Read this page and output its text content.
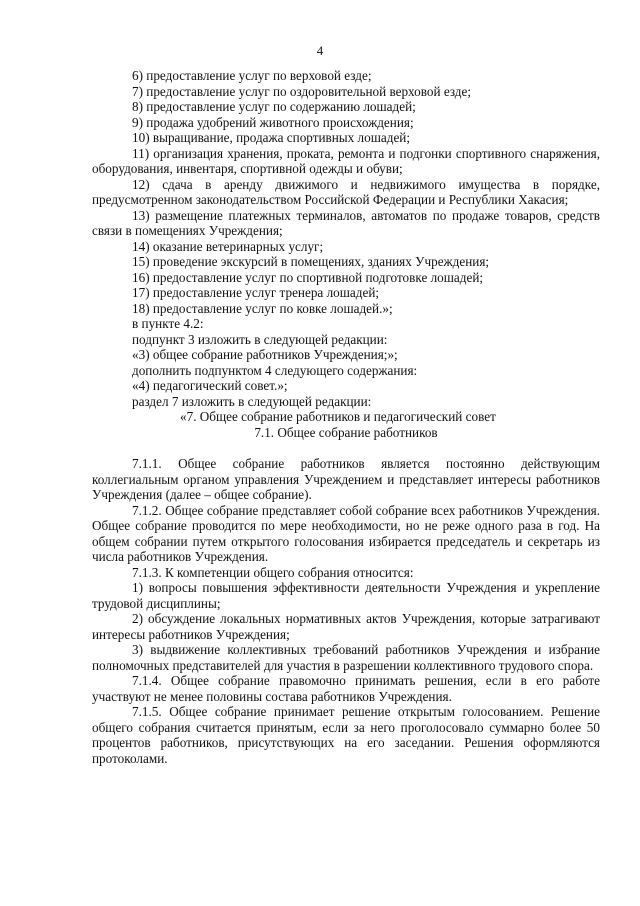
4

6) предоставление услуг по верховой езде;

7) предоставление услуг по оздоровительной верховой езде;

8) предоставление услуг по содержанию лошадей;

9) продажа удобрений животного происхождения;

10) выращивание, продажа спортивных лошадей;

11) организация хранения, проката, ремонта и подгонки спортивного снаряжения, оборудования, инвентаря, спортивной одежды и обуви;

12) сдача в аренду движимого и недвижимого имущества в порядке, предусмотренном законодательством Российской Федерации и Республики Хакасия;

13) размещение платежных терминалов, автоматов по продаже товаров, средств связи в помещениях Учреждения;

14) оказание ветеринарных услуг;

15) проведение экскурсий в помещениях, зданиях Учреждения;

16) предоставление услуг по спортивной подготовке лошадей;

17) предоставление услуг тренера лошадей;

18) предоставление услуг по ковке лошадей.»;

в пункте 4.2:

подпункт 3 изложить в следующей редакции:

«3) общее собрание работников Учреждения;»;

дополнить подпунктом 4 следующего содержания:

«4) педагогический совет.»;

раздел 7 изложить в следующей редакции:

«7. Общее собрание работников и педагогический совет

7.1. Общее собрание работников

7.1.1. Общее собрание работников является постоянно действующим коллегиальным органом управления Учреждением и представляет интересы работников Учреждения (далее – общее собрание).

7.1.2. Общее собрание представляет собой собрание всех работников Учреждения. Общее собрание проводится по мере необходимости, но не реже одного раза в год. На общем собрании путем открытого голосования избирается председатель и секретарь из числа работников Учреждения.

7.1.3. К компетенции общего собрания относится:

1) вопросы повышения эффективности деятельности Учреждения и укрепление трудовой дисциплины;

2) обсуждение локальных нормативных актов Учреждения, которые затрагивают интересы работников Учреждения;

3) выдвижение коллективных требований работников Учреждения и избрание полномочных представителей для участия в разрешении коллективного трудового спора.

7.1.4. Общее собрание правомочно принимать решения, если в его работе участвуют не менее половины состава работников Учреждения.

7.1.5. Общее собрание принимает решение открытым голосованием. Решение общего собрания считается принятым, если за него проголосовало суммарно более 50 процентов работников, присутствующих на его заседании. Решения оформляются протоколами.
